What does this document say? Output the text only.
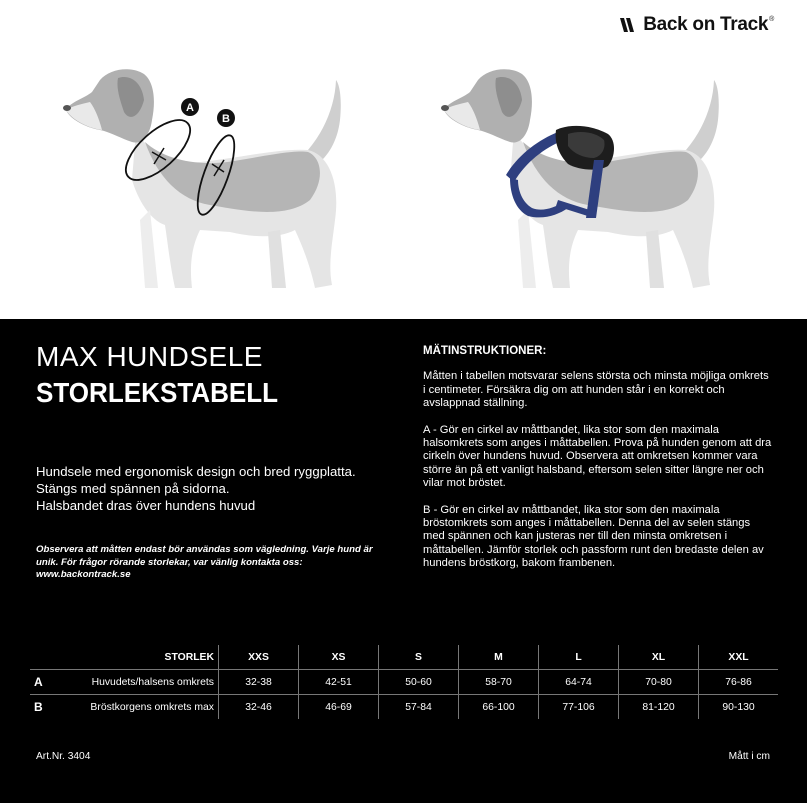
Back on Track®
A
B
MAX HUNDSELE
STORLEKSTABELL
Hundsele med ergonomisk design och bred ryggplatta.
Stängs med spännen på sidorna.
Halsbandet dras över hundens huvud
Observera att måtten endast bör användas som vägledning. Varje hund är unik. För frågor rörande storlekar, var vänlig kontakta oss: www.backontrack.se
MÄTINSTRUKTIONER:

Måtten i tabellen motsvarar selens största och minsta möjliga omkrets i centimeter. Försäkra dig om att hunden står i en korrekt och avslappnad ställning.

A - Gör en cirkel av måttbandet, lika stor som den maximala halsomkrets som anges i måttabellen. Prova på hunden genom att dra cirkeln över hundens huvud. Observera att omkretsen kommer vara större än på ett vanligt halsband, eftersom selen sitter längre ner och vilar mot bröstet.

B - Gör en cirkel av måttbandet, lika stor som den maximala bröstomkrets som anges i måttabellen. Denna del av selen stängs med spännen och kan justeras ner till den minsta omkretsen i måttabellen. Jämför storlek och passform runt den bredaste delen av hundens bröstkorg, bakom frambenen.

	STORLEK	XXS	XS	S	M	L	XL	XXL
A	Huvudets/halsens omkrets	32-38	42-51	50-60	58-70	64-74	70-80	76-86
B	Bröstkorgens omkrets max	32-46	46-69	57-84	66-100	77-106	81-120	90-130
Art.Nr. 3404	Mått i cm
